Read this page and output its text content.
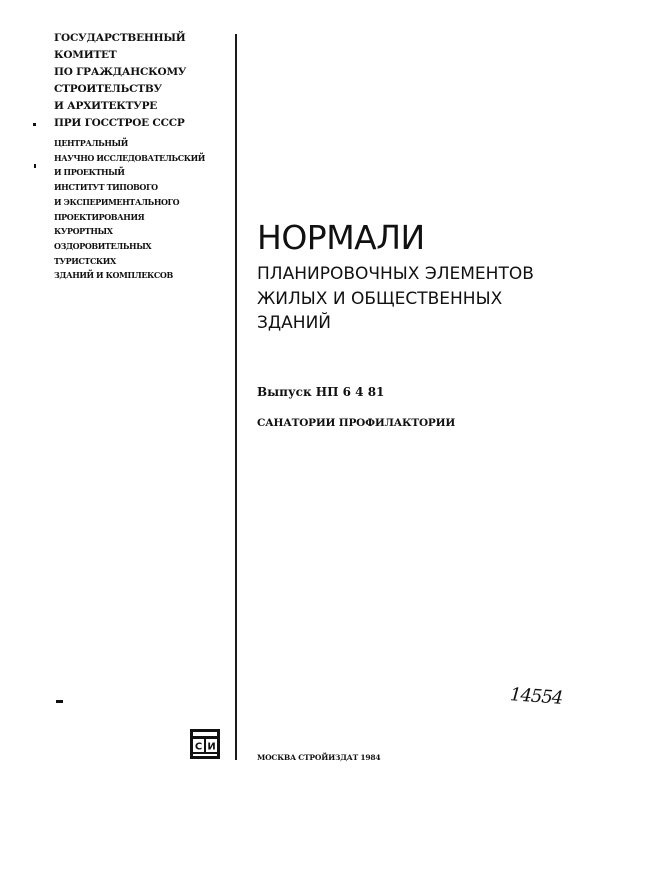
ГОСУДАРСТВЕННЫЙ
КОМИТЕТ
ПО ГРАЖДАНСКОМУ
СТРОИТЕЛЬСТВУ
И АРХИТЕКТУРЕ
ПРИ ГОССТРОЕ СССР
ЦЕНТРАЛЬНЫЙ
НАУЧНО ИССЛЕДОВАТЕЛЬСКИЙ
И ПРОЕКТНЫЙ
ИНСТИТУТ ТИПОВОГО
И ЭКСПЕРИМЕНТАЛЬНОГО
ПРОЕКТИРОВАНИЯ
КУРОРТНЫХ
ОЗДОРОВИТЕЛЬНЫХ
ТУРИСТСКИХ
ЗДАНИЙ И КОМПЛЕКСОВ
НОРМАЛИ
ПЛАНИРОВОЧНЫХ ЭЛЕМЕНТОВ
ЖИЛЫХ И ОБЩЕСТВЕННЫХ
ЗДАНИЙ
Выпуск НП 6 4 81
САНАТОРИИ ПРОФИЛАКТОРИИ
14554
С И
МОСКВА СТРОЙИЗДАТ 1984
